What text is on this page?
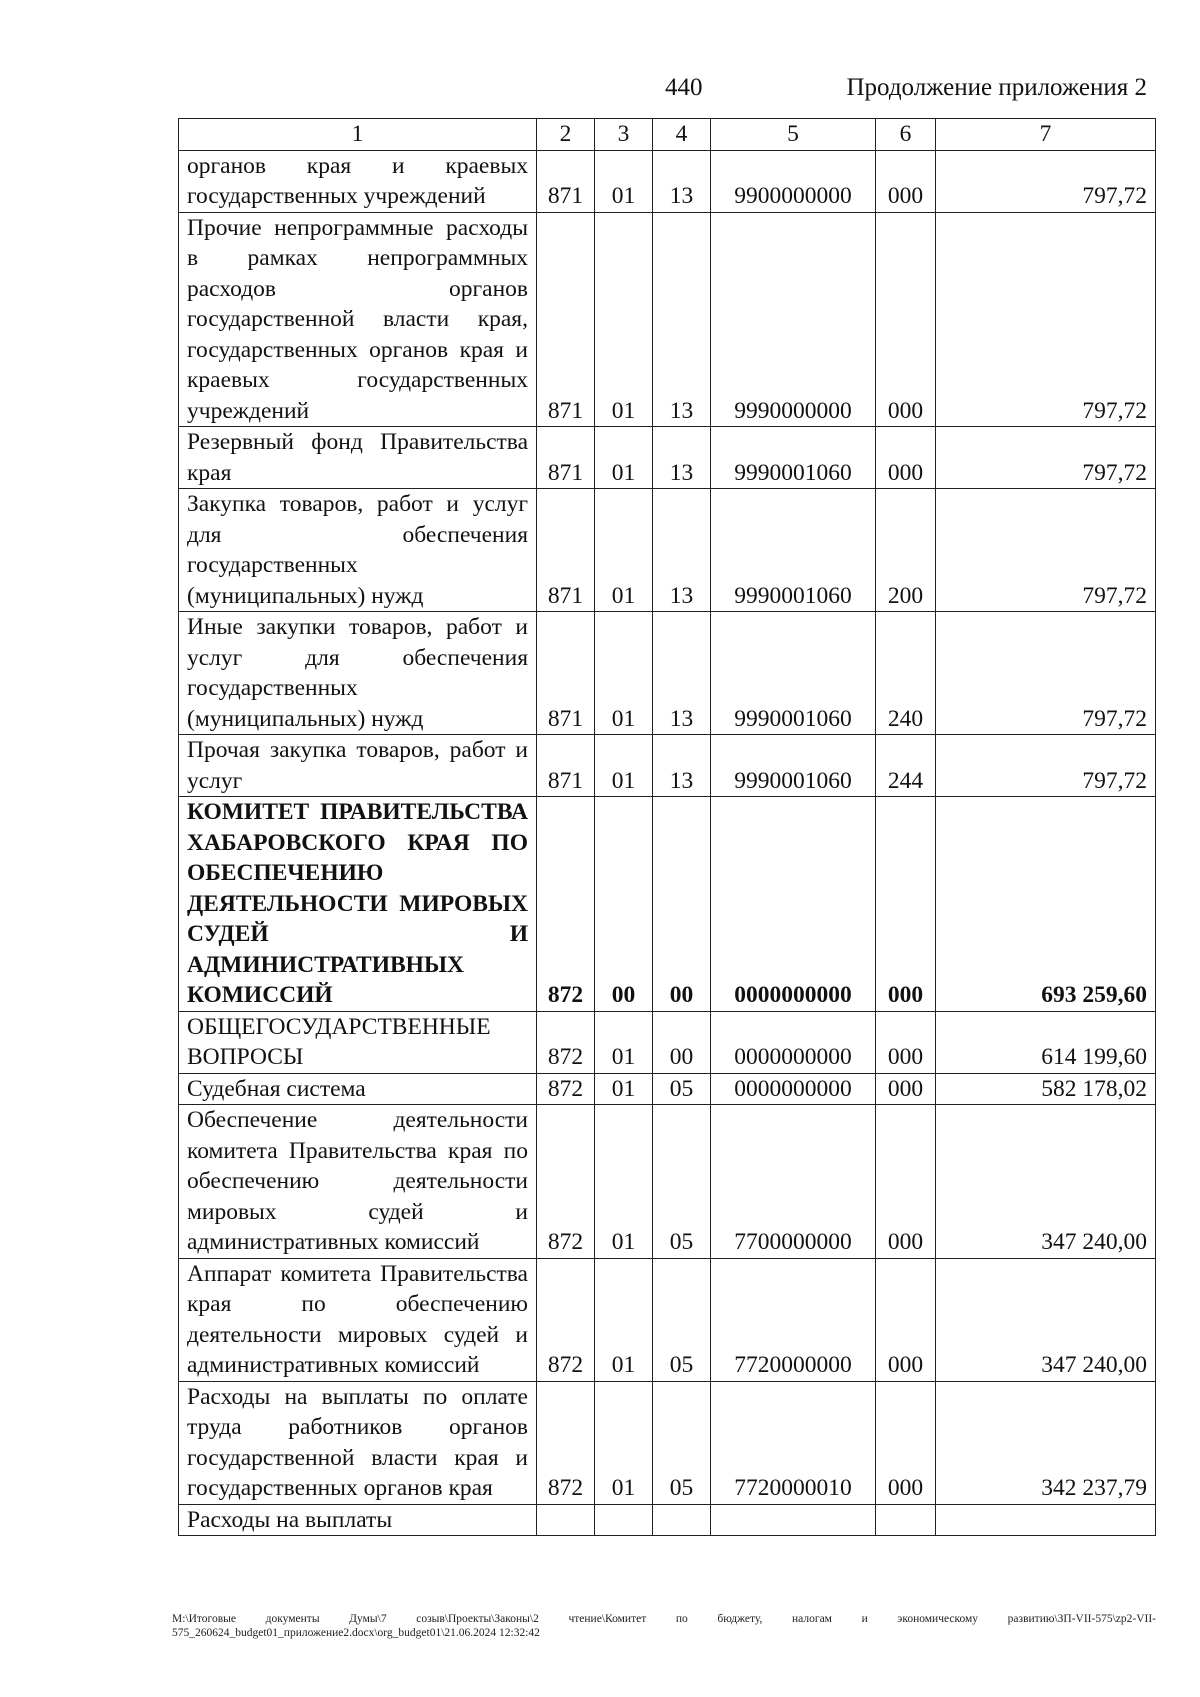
440	Продолжение приложения 2
1	2	3	4	5	6	7
органов края и краевых государственных учреждений	871	01	13	9900000000	000	797,72
Прочие непрограммные расходы в рамках непрограммных расходов органов государственной власти края, государственных органов края и краевых государственных учреждений	871	01	13	9990000000	000	797,72
Резервный фонд Правительства края	871	01	13	9990001060	000	797,72
Закупка товаров, работ и услуг для обеспечения государственных (муниципальных) нужд	871	01	13	9990001060	200	797,72
Иные закупки товаров, работ и услуг для обеспечения государственных (муниципальных) нужд	871	01	13	9990001060	240	797,72
Прочая закупка товаров, работ и услуг	871	01	13	9990001060	244	797,72
КОМИТЕТ ПРАВИТЕЛЬСТВА ХАБАРОВСКОГО КРАЯ ПО ОБЕСПЕЧЕНИЮ ДЕЯТЕЛЬНОСТИ МИРОВЫХ СУДЕЙ И АДМИНИСТРАТИВНЫХ КОМИССИЙ	872	00	00	0000000000	000	693 259,60
ОБЩЕГОСУДАРСТВЕННЫЕ ВОПРОСЫ	872	01	00	0000000000	000	614 199,60
Судебная система	872	01	05	0000000000	000	582 178,02
Обеспечение деятельности комитета Правительства края по обеспечению деятельности мировых судей и административных комиссий	872	01	05	7700000000	000	347 240,00
Аппарат комитета Правительства края по обеспечению деятельности мировых судей и административных комиссий	872	01	05	7720000000	000	347 240,00
Расходы на выплаты по оплате труда работников органов государственной власти края и государственных органов края	872	01	05	7720000010	000	342 237,79
Расходы на выплаты						
M:\Итоговые документы Думы\7 созыв\Проекты\Законы\2 чтение\Комитет по бюджету, налогам и экономическому развитию\ЗП-VII-575\zp2-VII-575_260624_budget01_приложение2.docx\org_budget01\21.06.2024 12:32:42
